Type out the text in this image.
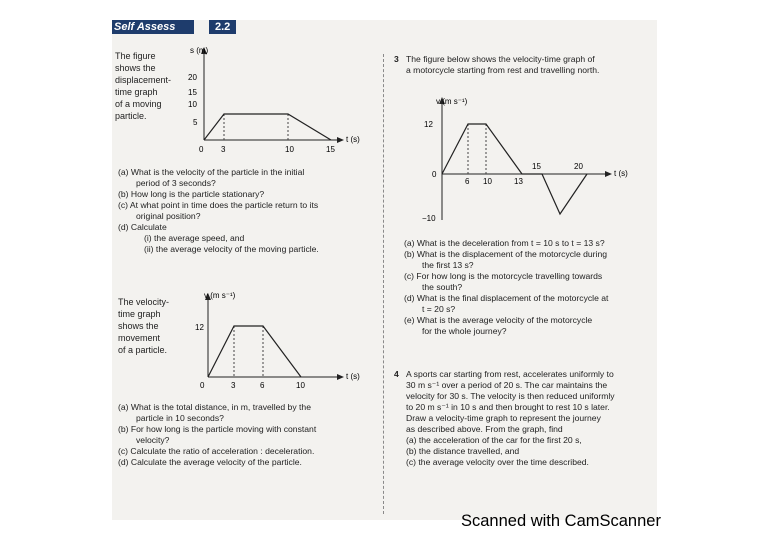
Self Assess	2.2
The figure
shows the
displacement-
time graph
of a moving
particle.
s (m)
t (s)
20
15
10
5
0 3	10	15
(a) What is the velocity of the particle in the initial
period of 3 seconds?
(b) How long is the particle stationary?
(c) At what point in time does the particle return to its
original position?
(d) Calculate
(i) the average speed, and
(ii) the average velocity of the moving particle.
The velocity-
time graph
shows the
movement
of a particle.
v (m s⁻¹)
t (s)
12
0	3	6	10
(a) What is the total distance, in m, travelled by the
particle in 10 seconds?
(b) For how long is the particle moving with constant
velocity?
(c) Calculate the ratio of acceleration : deceleration.
(d) Calculate the average velocity of the particle.
3 The figure below shows the velocity-time graph of
a motorcycle starting from rest and travelling north.
v (m s⁻¹)
t (s)
12
0
−10
6 10	13
15	20
(a) What is the deceleration from t = 10 s to t = 13 s?
(b) What is the displacement of the motorcycle during
the first 13 s?
(c) For how long is the motorcycle travelling towards
the south?
(d) What is the final displacement of the motorcycle at
t = 20 s?
(e) What is the average velocity of the motorcycle
for the whole journey?
4 A sports car starting from rest, accelerates uniformly to
30 m s⁻¹ over a period of 20 s. The car maintains the
velocity for 30 s. The velocity is then reduced uniformly
to 20 m s⁻¹ in 10 s and then brought to rest 10 s later.
Draw a velocity-time graph to represent the journey
as described above. From the graph, find
(a) the acceleration of the car for the first 20 s,
(b) the distance travelled, and
(c) the average velocity over the time described.
Scanned with CamScanner
